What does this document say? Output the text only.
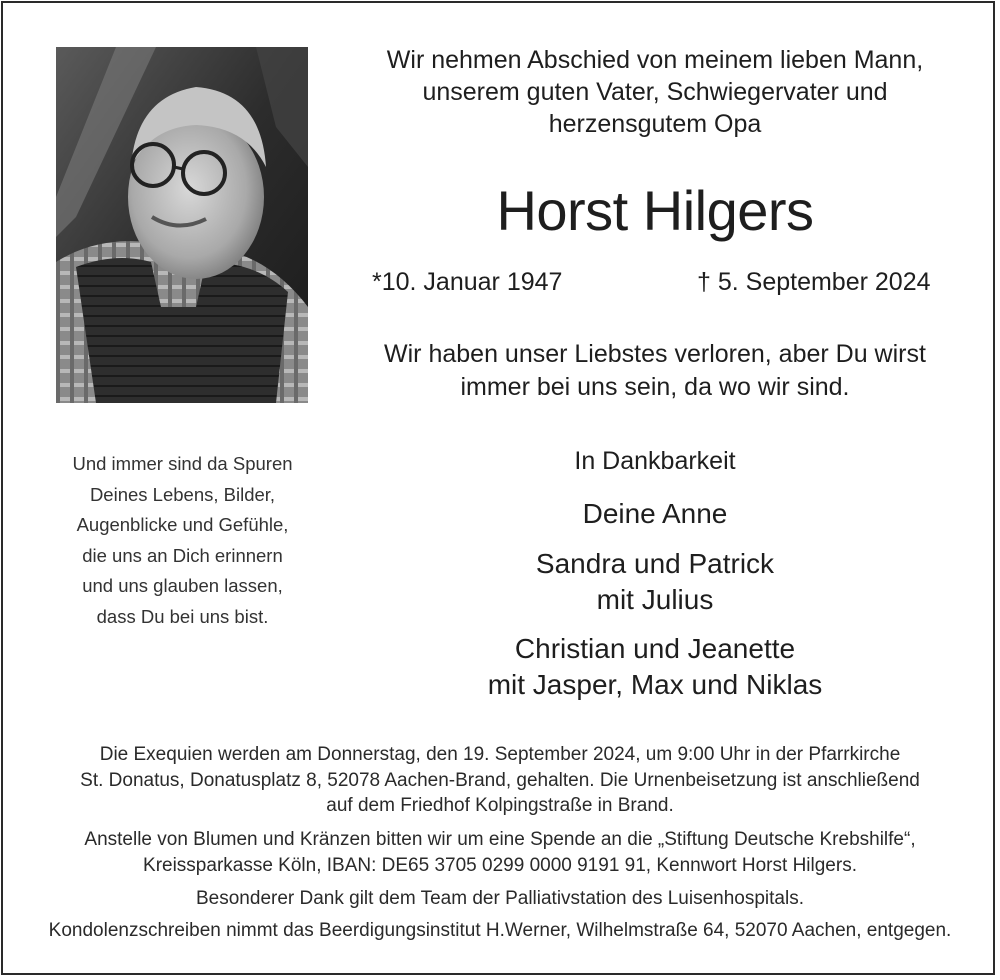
Wir nehmen Abschied von meinem lieben Mann,
unserem guten Vater, Schwiegervater und
herzensgutem Opa
Horst Hilgers
*10. Januar 1947	† 5. September 2024
Wir haben unser Liebstes verloren, aber Du wirst
immer bei uns sein, da wo wir sind.
Und immer sind da Spuren
Deines Lebens, Bilder,
Augenblicke und Gefühle,
die uns an Dich erinnern
und uns glauben lassen,
dass Du bei uns bist.
In Dankbarkeit
Deine Anne
Sandra und Patrick
mit Julius
Christian und Jeanette
mit Jasper, Max und Niklas
Die Exequien werden am Donnerstag, den 19. September 2024, um 9:00 Uhr in der Pfarrkirche
St. Donatus, Donatusplatz 8, 52078 Aachen-Brand, gehalten. Die Urnenbeisetzung ist anschließend
auf dem Friedhof Kolpingstraße in Brand.
Anstelle von Blumen und Kränzen bitten wir um eine Spende an die „Stiftung Deutsche Krebshilfe“,
Kreissparkasse Köln, IBAN: DE65 3705 0299 0000 9191 91, Kennwort Horst Hilgers.
Besonderer Dank gilt dem Team der Palliativstation des Luisenhospitals.
Kondolenzschreiben nimmt das Beerdigungsinstitut H.Werner, Wilhelmstraße 64, 52070 Aachen, entgegen.
